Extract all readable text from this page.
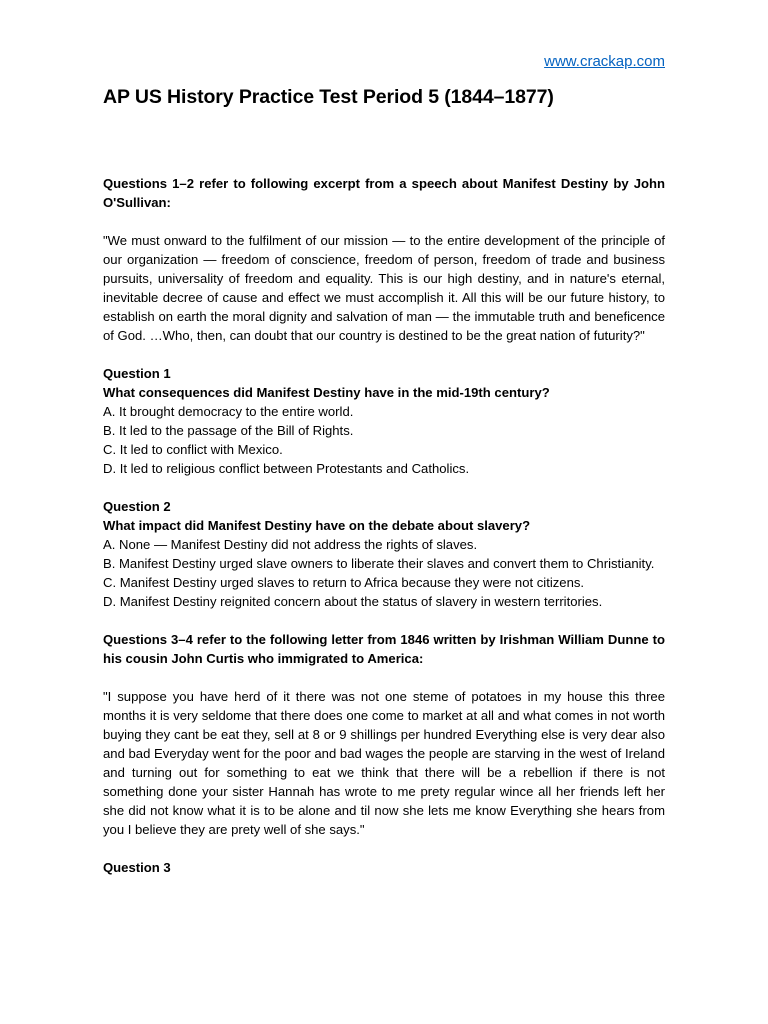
www.crackap.com
AP US History Practice Test Period 5 (1844–1877)

Questions 1–2 refer to following excerpt from a speech about Manifest Destiny by John O'Sullivan:

"We must onward to the fulfilment of our mission — to the entire development of the principle of our organization — freedom of conscience, freedom of person, freedom of trade and business pursuits, universality of freedom and equality. This is our high destiny, and in nature's eternal, inevitable decree of cause and effect we must accomplish it. All this will be our future history, to establish on earth the moral dignity and salvation of man — the immutable truth and beneficence of God. …Who, then, can doubt that our country is destined to be the great nation of futurity?"

Question 1

What consequences did Manifest Destiny have in the mid-19th century?

A. It brought democracy to the entire world.

B. It led to the passage of the Bill of Rights.

C. It led to conflict with Mexico.

D. It led to religious conflict between Protestants and Catholics.

Question 2

What impact did Manifest Destiny have on the debate about slavery?

A. None — Manifest Destiny did not address the rights of slaves.

B. Manifest Destiny urged slave owners to liberate their slaves and convert them to Christianity.

C. Manifest Destiny urged slaves to return to Africa because they were not citizens.

D. Manifest Destiny reignited concern about the status of slavery in western territories.

Questions 3–4 refer to the following letter from 1846 written by Irishman William Dunne to his cousin John Curtis who immigrated to America:

"I suppose you have herd of it there was not one steme of potatoes in my house this three months it is very seldome that there does one come to market at all and what comes in not worth buying they cant be eat they, sell at 8 or 9 shillings per hundred Everything else is very dear also and bad Everyday went for the poor and bad wages the people are starving in the west of Ireland and turning out for something to eat we think that there will be a rebellion if there is not something done your sister Hannah has wrote to me prety regular wince all her friends left her she did not know what it is to be alone and til now she lets me know Everything she hears from you I believe they are prety well of she says."

Question 3
